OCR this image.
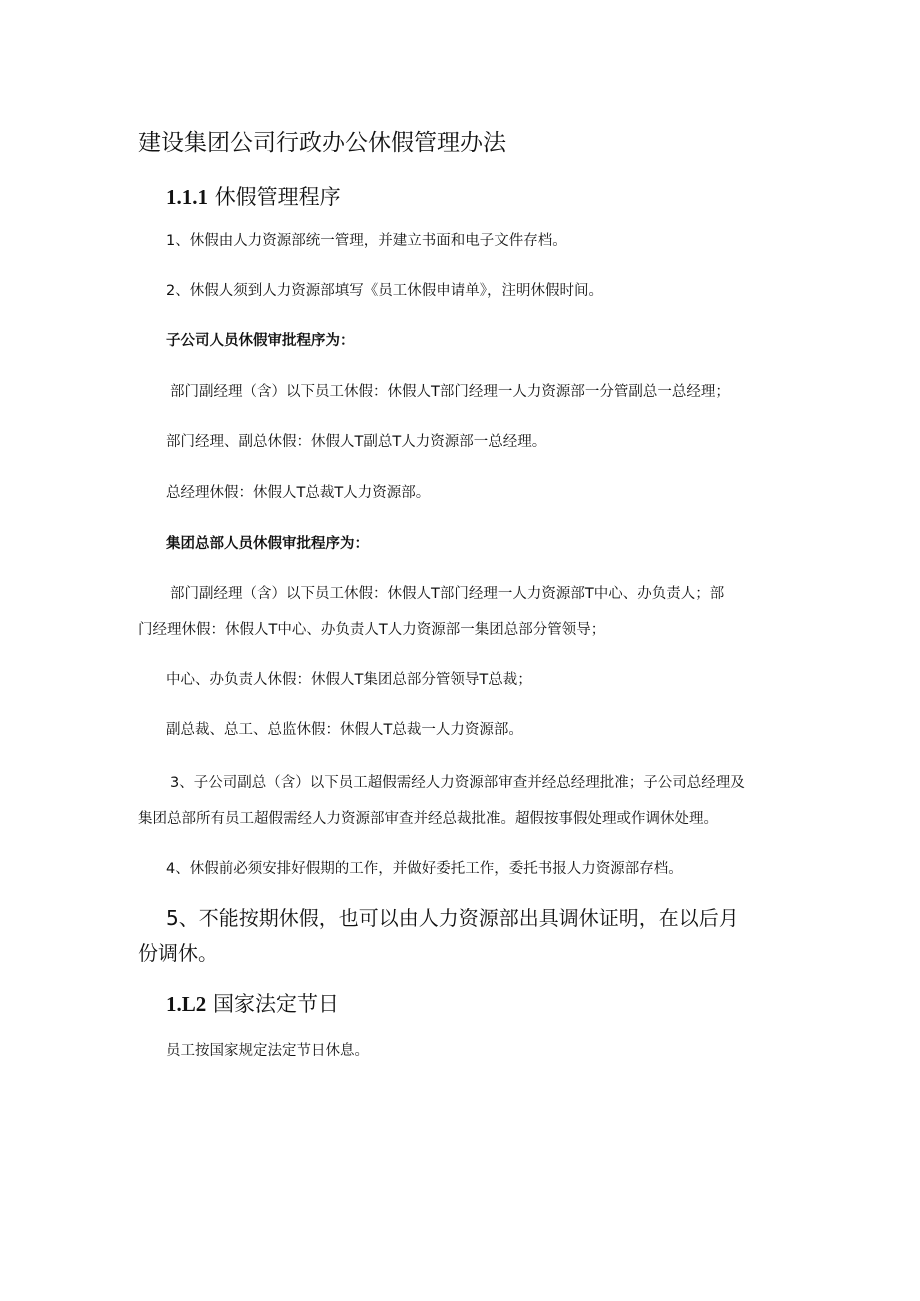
建设集团公司行政办公休假管理办法
1.1.1 休假管理程序

1、休假由人力资源部统一管理，并建立书面和电子文件存档。

2、休假人须到人力资源部填写《员工休假申请单》，注明休假时间。

子公司人员休假审批程序为：

部门副经理（含）以下员工休假：休假人T部门经理一人力资源部一分管副总一总经理；

部门经理、副总休假：休假人T副总T人力资源部一总经理。

总经理休假：休假人T总裁T人力资源部。

集团总部人员休假审批程序为：

部门副经理（含）以下员工休假：休假人T部门经理一人力资源部T中心、办负责人；部

门经理休假：休假人T中心、办负责人T人力资源部一集团总部分管领导；

中心、办负责人休假：休假人T集团总部分管领导T总裁；

副总裁、总工、总监休假：休假人T总裁一人力资源部。

3、子公司副总（含）以下员工超假需经人力资源部审查并经总经理批准；子公司总经理及

集团总部所有员工超假需经人力资源部审查并经总裁批准。超假按事假处理或作调休处理。

4、休假前必须安排好假期的工作，并做好委托工作，委托书报人力资源部存档。

5、不能按期休假，也可以由人力资源部出具调休证明，在以后月

份调休。

1.L2 国家法定节日

员工按国家规定法定节日休息。
